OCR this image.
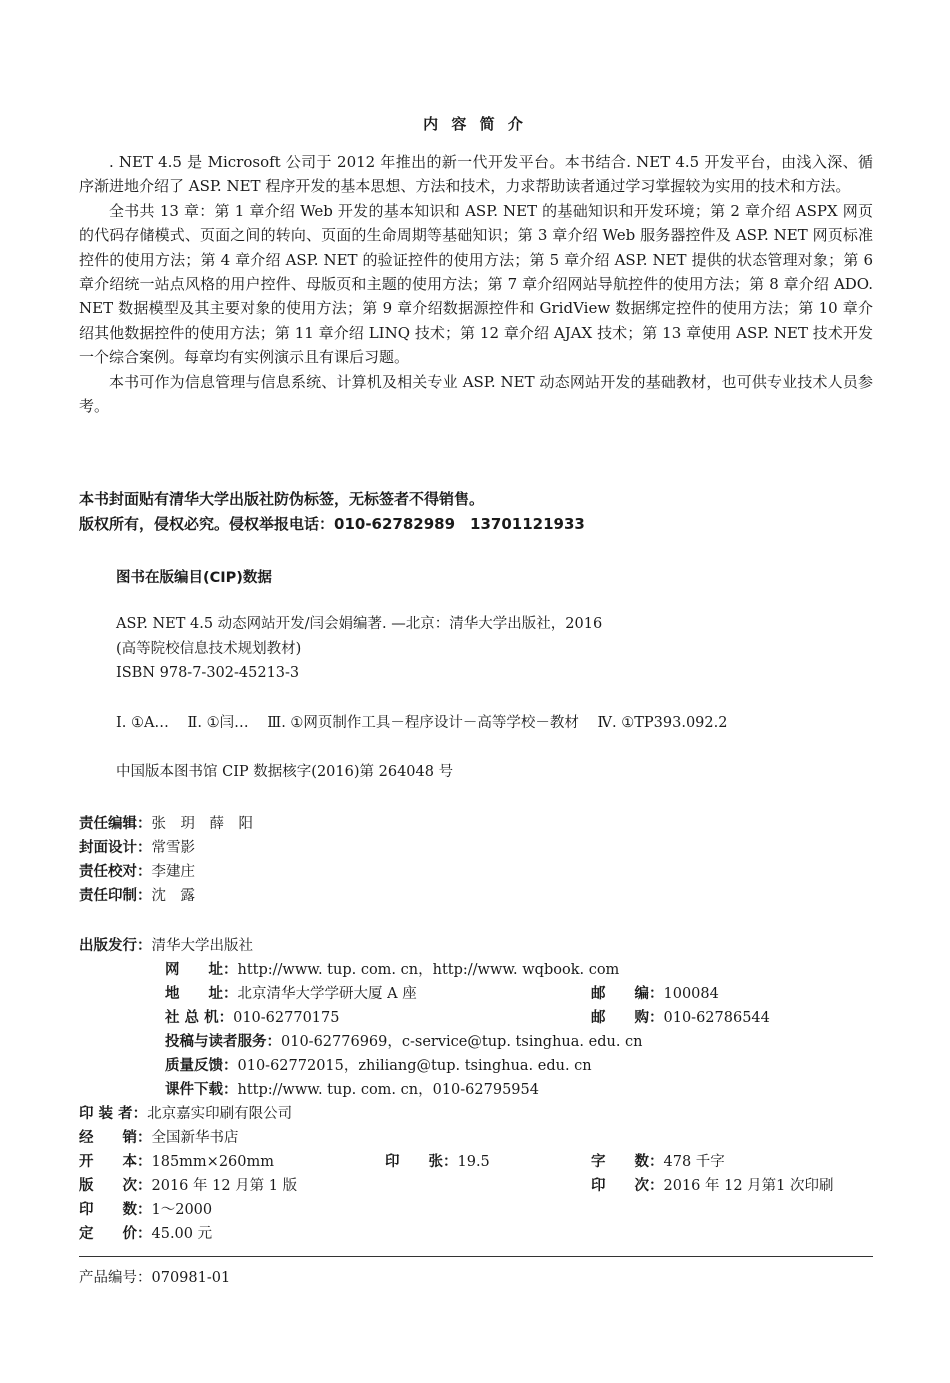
内 容 简 介

. NET 4.5 是 Microsoft 公司于 2012 年推出的新一代开发平台。本书结合. NET 4.5 开发平台，由浅入深、循序渐进地介绍了 ASP. NET 程序开发的基本思想、方法和技术，力求帮助读者通过学习掌握较为实用的技术和方法。

全书共 13 章：第 1 章介绍 Web 开发的基本知识和 ASP. NET 的基础知识和开发环境；第 2 章介绍 ASPX 网页的代码存储模式、页面之间的转向、页面的生命周期等基础知识；第 3 章介绍 Web 服务器控件及 ASP. NET 网页标准控件的使用方法；第 4 章介绍 ASP. NET 的验证控件的使用方法；第 5 章介绍 ASP. NET 提供的状态管理对象；第 6 章介绍统一站点风格的用户控件、母版页和主题的使用方法；第 7 章介绍网站导航控件的使用方法；第 8 章介绍 ADO. NET 数据模型及其主要对象的使用方法；第 9 章介绍数据源控件和 GridView 数据绑定控件的使用方法；第 10 章介绍其他数据控件的使用方法；第 11 章介绍 LINQ 技术；第 12 章介绍 AJAX 技术；第 13 章使用 ASP. NET 技术开发一个综合案例。每章均有实例演示且有课后习题。

本书可作为信息管理与信息系统、计算机及相关专业 ASP. NET 动态网站开发的基础教材，也可供专业技术人员参考。

本书封面贴有清华大学出版社防伪标签，无标签者不得销售。
版权所有，侵权必究。侵权举报电话：010-62782989　13701121933
图书在版编目(CIP)数据
ASP. NET 4.5 动态网站开发/闫会娟编著. —北京：清华大学出版社，2016
(高等院校信息技术规划教材)
ISBN 978-7-302-45213-3
Ⅰ. ①A… Ⅱ. ①闫… Ⅲ. ①网页制作工具－程序设计－高等学校－教材 Ⅳ. ①TP393.092.2
中国版本图书馆 CIP 数据核字(2016)第 264048 号
责任编辑：张　玥　薛　阳
封面设计：常雪影
责任校对：李建庄
责任印制：沈　露
出版发行：清华大学出版社
网　　址：http://www. tup. com. cn，http://www. wqbook. com
地　　址：北京清华大学学研大厦 A 座	邮　　编：100084
社 总 机：010-62770175	邮　　购：010-62786544
投稿与读者服务：010-62776969，c-service@tup. tsinghua. edu. cn
质量反馈：010-62772015，zhiliang@tup. tsinghua. edu. cn
课件下载：http://www. tup. com. cn，010-62795954
印 装 者：北京嘉实印刷有限公司
经　　销：全国新华书店
开　　本：185mm×260mm	印　　张：19.5	字　　数：478 千字
版　　次：2016 年 12 月第 1 版	印　　次：2016 年 12 月第1 次印刷
印　　数：1～2000
定　　价：45.00 元
产品编号：070981-01
